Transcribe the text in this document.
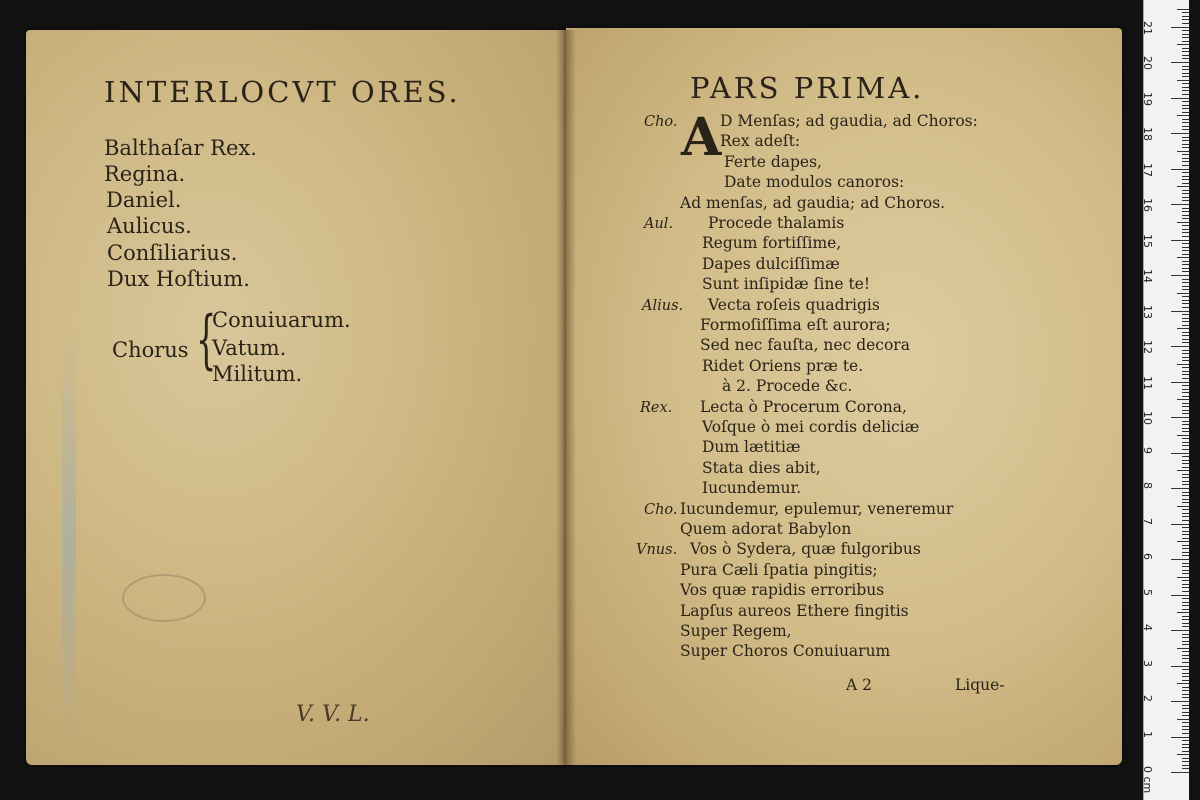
INTERLOCVT ORES.
Balthaſar Rex.
Regina.
Daniel.
Aulicus.
Conſiliarius.
Dux Hoſtium.
Chorus {
Conuiuarum.
Vatum.
Militum.
V. V. L.
PARS PRIMA.
A
Cho.	D Menſas; ad gaudia, ad Choros:
Rex adeſt:
Ferte dapes,
Date modulos canoros:
Ad menſas, ad gaudia; ad Choros.
Aul. Procede thalamis
Regum fortiſſime,
Dapes dulciſſimæ
Sunt inſipidæ ſine te!
Alius. Vecta roſeis quadrigis
Formoſiſſima eſt aurora;
Sed nec fauſta, nec decora
Ridet Oriens præ te.
à 2. Procede &c.
Rex. Lecta ò Procerum Corona,
Voſque ò mei cordis deliciæ
Dum lætitiæ
Stata dies abit,
Iucundemur.
Cho. Iucundemur, epulemur, veneremur
Quem adorat Babylon
Vnus. Vos ò Sydera, quæ fulgoribus
Pura Cæli ſpatia pingitis;
Vos quæ rapidis erroribus
Lapſus aureos Ethere fingitis
Super Regem,
Super Choros Conuiuarum
A 2	Lique-
21
20
19
18
17
16
15
14
13
12
11
10
9
8
7
6
5
4
3
2
1
0 cm
